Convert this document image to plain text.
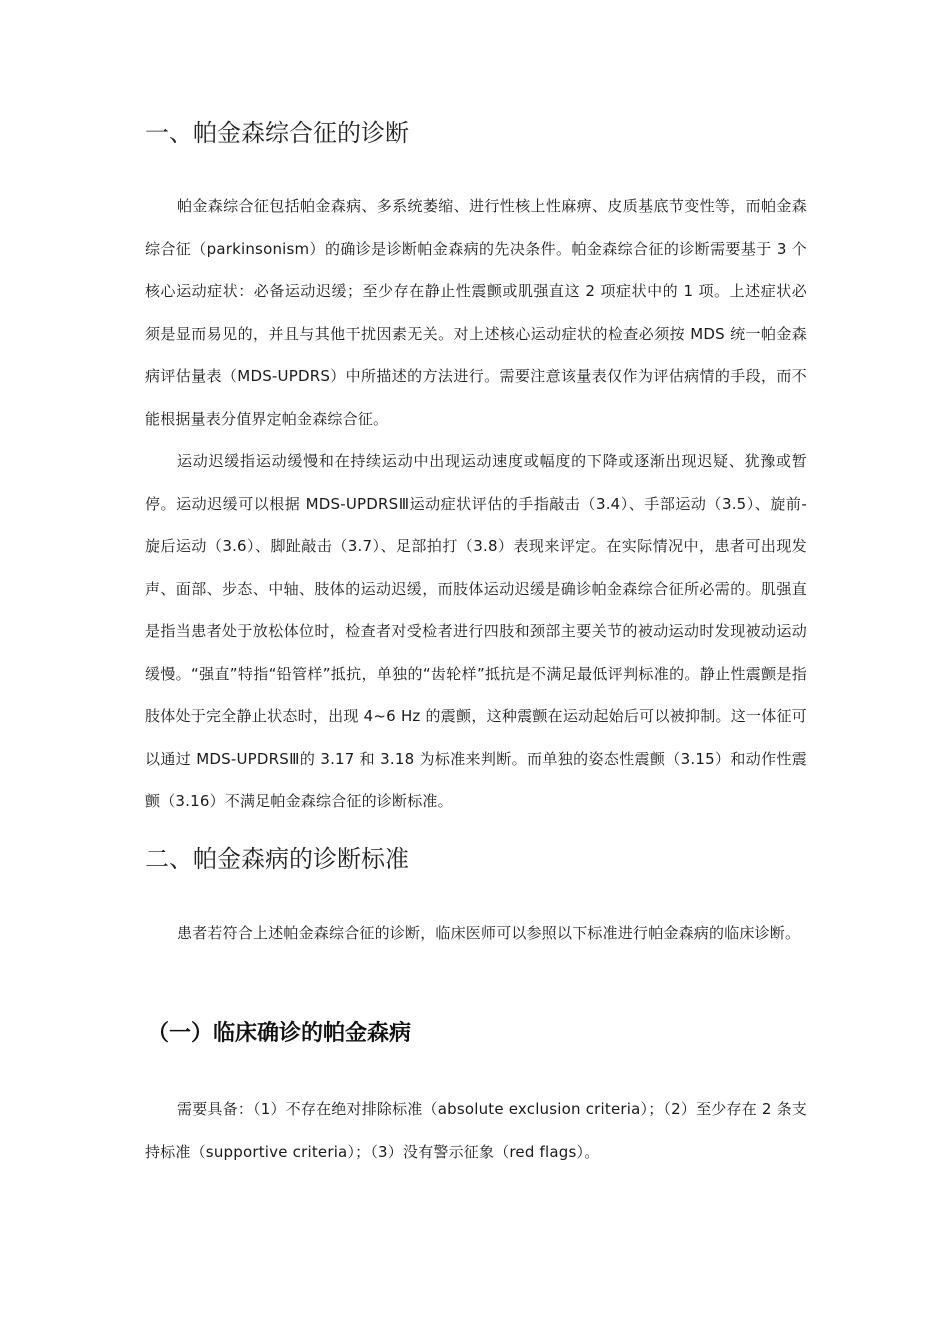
一、帕金森综合征的诊断

帕金森综合征包括帕金森病、多系统萎缩、进行性核上性麻痹、皮质基底节变性等，而帕金森综合征（parkinsonism）的确诊是诊断帕金森病的先决条件。帕金森综合征的诊断需要基于 3 个核心运动症状：必备运动迟缓；至少存在静止性震颤或肌强直这 2 项症状中的 1 项。上述症状必须是显而易见的，并且与其他干扰因素无关。对上述核心运动症状的检查必须按 MDS 统一帕金森病评估量表（MDS-UPDRS）中所描述的方法进行。需要注意该量表仅作为评估病情的手段，而不能根据量表分值界定帕金森综合征。

运动迟缓指运动缓慢和在持续运动中出现运动速度或幅度的下降或逐渐出现迟疑、犹豫或暂停。运动迟缓可以根据 MDS-UPDRSⅢ运动症状评估的手指敲击（3.4）、手部运动（3.5）、旋前-旋后运动（3.6）、脚趾敲击（3.7）、足部拍打（3.8）表现来评定。在实际情况中，患者可出现发声、面部、步态、中轴、肢体的运动迟缓，而肢体运动迟缓是确诊帕金森综合征所必需的。肌强直是指当患者处于放松体位时，检查者对受检者进行四肢和颈部主要关节的被动运动时发现被动运动缓慢。“强直”特指“铅管样”抵抗，单独的“齿轮样”抵抗是不满足最低评判标准的。静止性震颤是指肢体处于完全静止状态时，出现 4~6 Hz 的震颤，这种震颤在运动起始后可以被抑制。这一体征可以通过 MDS-UPDRSⅢ的 3.17 和 3.18 为标准来判断。而单独的姿态性震颤（3.15）和动作性震颤（3.16）不满足帕金森综合征的诊断标准。

二、帕金森病的诊断标准

患者若符合上述帕金森综合征的诊断，临床医师可以参照以下标准进行帕金森病的临床诊断。

（一）临床确诊的帕金森病

需要具备：（1）不存在绝对排除标准（absolute exclusion criteria）；（2）至少存在 2 条支持标准（supportive criteria）；（3）没有警示征象（red flags）。
